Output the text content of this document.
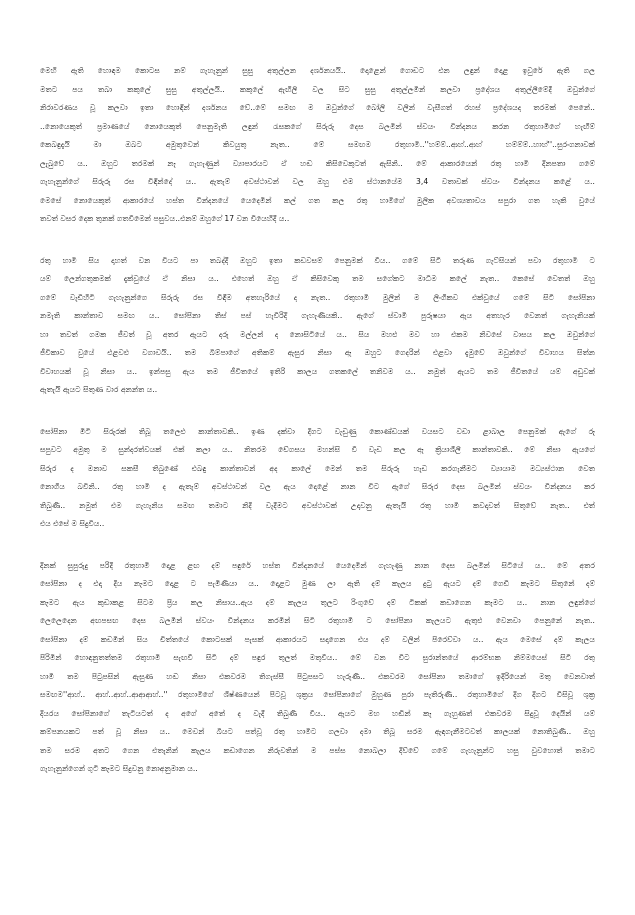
මෙහි ඇති හොඳම කොටස නම් ගැහැනුන් සුසු අතුල්ලන දර්ශනයයි.. දොළෙන් ගොඩට එන ලඳුන් දොළ ඉවුරේ ඇති ගල
මතට පය තබා කකුලේ සුසු අතුල්ලයි.. කකුලේ ඇඟිලි වල සිට සුසු අතුල්ලමින් කලවා ප්‍රදේශය අතුල්ලීමේදී ඔවුන්ගේ
නිරාවරණය වූ කලවා ඉතා හොඳින් දර්ශනය වේ..මේ සමඟ ම ඔවුන්ගේ බෝලි වලින් වැසීගත් රහස් ප්‍රදේශයද තරමක් පෙනේ..
..නොයෙකුත් ප්‍රමාණයේ නොයෙකුත් පෙනුමැති ලඳුන් රැසකගේ සිරුරු දෙස බලමින් ස්වයං වින්දනය කරන රතුහාමිගේ හැඟීම්
කෙබඳුදැයි මා ඔබට අමුතුවෙන් කිවයුතු නැත.. මේ සමඟම රතුහාමි..''හම්ම්..ආහ්..ආහ් හම්ම්ම්..හාහ්''..සුරංගනාවක්
ලැබුවේ ය.. ඔහුට තරමක් නෑ ගැහැණුන් ව්‍යාපාරයට ඒ හඬ කිසිවෙකුටත් ඇසිනි.. මේ ආකාරයෙන් රතු හාමි දිනපතා ගමේ
ගැහැනුන්ගේ සිරුරු රස විඳින්දේ ය.. ඇතැම් අවස්ථාවන් වල ඔහු එම ස්ථානයේම 3,4 වතාවක් ස්වයං වින්දනය කළේ ය..
මෙසේ නොයෙකුත් ආකාරයේ හස්ත වින්දනයේ යෙදෙමින් කල් ගත කල රතු හාමිගේ මුලික අවශ්‍යතාවය සපුරා ගත හැකි වුයේ
තවත් වසර දෙක තුනක් ගතවීමෙන් පසුවය..එනම් ඔහුගේ 17 වන වියෙහිදී ය..
රතු හාමි සිය දාහත් වන වියට පා තබද්දී ඔහුට ඉතා කඩවසම් පෙනුමක් වීය.. ගමේ සිටි තරුණ ගැට්සියන් පවා රතුහාමි ට
යම් ලෙන්ගතුකමක් දැක්වුයේ ඒ නිසා ය.. එහෙත් ඔහු ඒ කිසිවෙකු තම සගේකට මාධිම කලේ නැත.. කෙසේ වෙතත් ඔහු
ගමේ වැඩිහිටි ගැහැනුන්ගෙ සිරුරු රස විඳීම අතහැරියේ ද නැත.. රතුහාමි මුලින් ම ලිංගිකව එක්වුයේ ගමේ සිටි සෝපිනා
නමැති කාන්තාව සමඟ ය.. සෝපිනා තිස් පස් හැවිරිදි ගැහැණියකි.. ඇගේ ස්වාමි පුරුෂයා ඇය අතහැර වෙනත් ගැහැනියක්
හා තවත් ගමක ජීවත් වූ අතර ඇයට දරු මල්ලන් ද නොසිටියේ ය.. සිය මහළු මව හා එකම නිවසේ වාසය කල ඔවුන්ගේ
ජීවිකාව වුයේ එළවළු වගාවයි.. තම බිම්පාගේ අතිකම් ඇසුර නිසා ඈ ඔහුට ගෙදරින් එළවා දැමුවේ ඔවුන්ගේ විවාහය සිත්න
විවාහයක් වූ නිසා ය.. ඉන්පසු ඇය තම ජීවිතයේ ඉතිරි කාලය ගතකලේ තනිවම ය.. නමුත් ඇයට තම ජීවිතයේ යම් අඩුවක්
ඇතැයි ඇයට සිතුණ වාර අනන්ත ය..
සෝපිනා මිටි සිරුරක් තිබූ තලෙළු කාන්තාවකි.. ඉණ දක්වා දිගට වැඩුණු කොණ්ඩයක් වයසට වඩා ළාබාල පෙනුමක් ඇගේ රූ
සපුවට අමුතු ම සුන්දරත්වයක් එක් කලා ය.. නිතරම චේගසය මහන්සි වී වැඩ කල ඈ ක්‍රියාශීලී කාන්තාවකි.. මේ නිසා ඇයගේ
සිරුර ද මනාව සකසී තිබුණේ එබඳු කාන්තාවන් අද කාලේ මෙන් තම සිරුරු හැඩ කරගැනීමට ව්‍යායාම මධ්‍යස්ථාන වෙත
නොගිය බවිනි.. රතු හාමි ද ඇතැම් අවස්ථාවන් වල ඇය දොළේ නාන විට ඇගේ සිරුර දෙස බලමින් ස්වයං වින්දනය කර
තිබුණි.. නමුත් එම ගැහැනිය සමඟ තමාට නිදි වැදීමට අවස්ථාවක් උදාවනු ඇතැයි රතු හාමි කවදාවත් සිතුවේ නැත.. එත්
එය එසේ ම සිදුවිය..
දිනක් සුපුරුදු පරිදි රතුහාමි දොළ ළඟ දම් පඳුරේ හස්ත වින්දනයේ යෙදෙමින් ගැහැණු නාන දෙස බලමින් සිටියේ ය.. මේ අතර
සෝපිනා ද එදා දිය නෑමට දොළ ට පැමිණියා ය.. දොළට මුණ ලා ඇති දම් කැලය දුටු ඇයට දම් ගෙඩි කෑමට සිතුනේ දම්
කෑමට ඇය කුඩාකළ සිටම ප්‍රිය කල නිසාය..ඇය දම් කැලය තුලට රිංගුවේ දම් ටිකක් කඩාගෙන කෑමට ය.. නාන ලඳුන්ගේ
ලෙලෙදෙන අඟපසඟ දෙස බලමින් ස්වයං වින්දනය කරමින් සිටි රතුහාමි ට සෝපිනා කැලයට ඇතුළු වෙනවා පෙනුනේ නැත..
සෝපිනා දම් කඩමින් සිය චිත්තයේ කොටසක් පැසක් ආකාරයට සදාගෙන එය දම් වලින් පිරෙව්වා ය.. ඇය මෙසේ දම් කැලය
පිරිමින් හොඳනුතත්තම රතුහාමි සැඟවී සිටි දම් පඳුර තුලත් මතුවීය.. මේ වන විට සුරාන්තයේ ආරම්භක නිම්මයෙස් සිටි රතු
හාමි තම පිටුපසින් ඇසුණ හඬ නිසා එකවරම තිගැස්සී පිටුපසට හැරුණි.. එකවරම සෝපිනා තමාගේ ඉදිරියෙන් මතු වෙනවාත්
සමඟම''ආහ්.. ආහ්..ආහ්..ආආආහ්..'' රතුහාමිගේ ශිෂ්ණයෙන් පිටවූ ශුක්‍රය සෝපිනාගේ මුහුණ පුරා පැතිරුණි.. රතුහාමිගේ දිග දිගට විසිවූ ශුක්‍ර
දියරය සෝපිනාගේ තැටියටත් ද අගේ අතේ ද වැදී තිබුණි වීය.. ඇයට මහ හඬින් කෑ ගැහුණත් එකවරම සිදුවූ දෙයින් යම්
කම්පනයකට පත් වූ නිසා ය.. මෙවන් බියට පත්වූ රතු හාමිට ගලවා දමා තිබූ සරම ඇඳගැනීමටවත් කාලයක් නොතිබුණි.. ඔහු
තම සරම අතට ගෙන එතැනින් කැලය කඩාගෙන නිරුවතින් ම පස්ස නොබලා දිව්වේ ගමේ ගැහැනුන්ට හසු වුවහොත් තමාට
ගැහැනුන්ගෙන් ගුටි කෑමට සිදුවනු නොඅනුමාන ය..
